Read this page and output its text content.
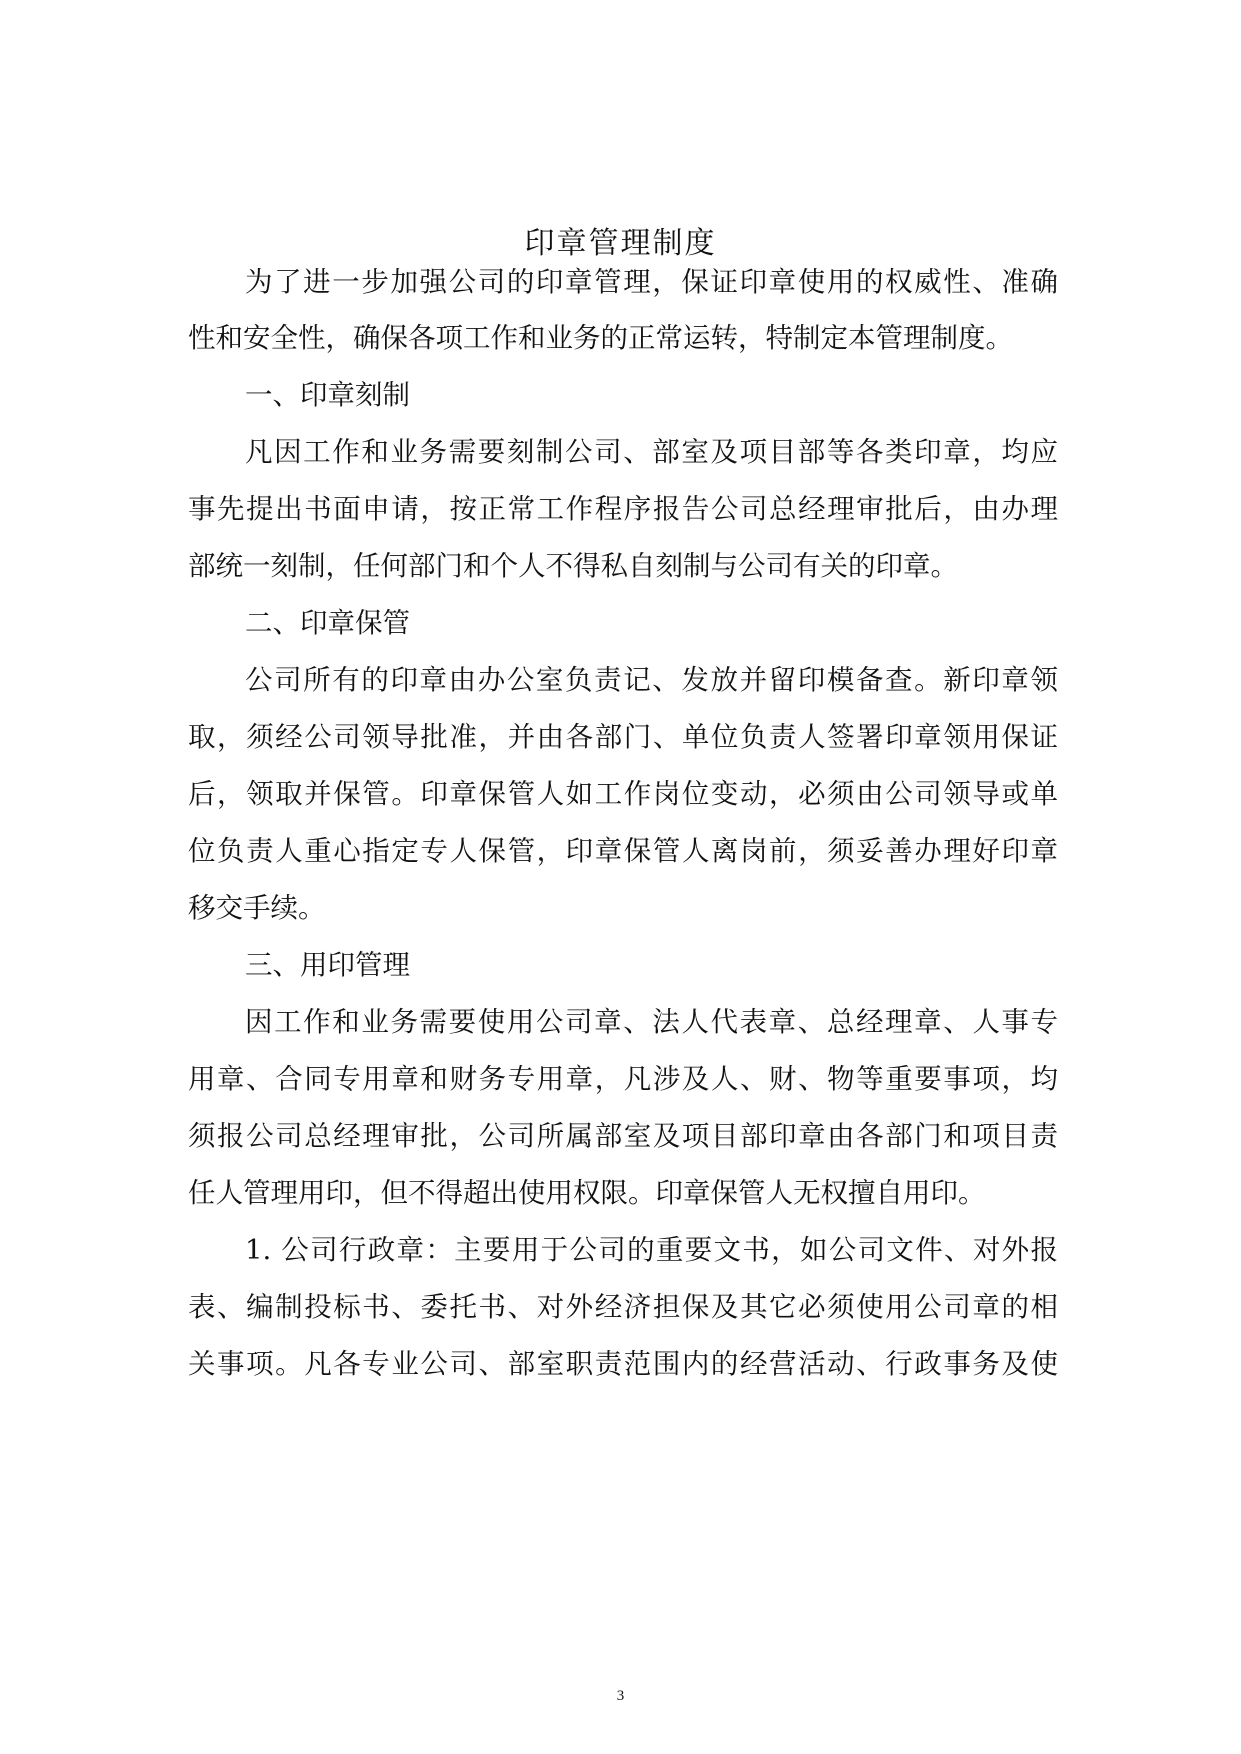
印章管理制度
为了进一步加强公司的印章管理，保证印章使用的权威性、准确
性和安全性，确保各项工作和业务的正常运转，特制定本管理制度。
一、印章刻制
凡因工作和业务需要刻制公司、部室及项目部等各类印章，均应
事先提出书面申请，按正常工作程序报告公司总经理审批后，由办理
部统一刻制，任何部门和个人不得私自刻制与公司有关的印章。
二、印章保管
公司所有的印章由办公室负责记、发放并留印模备查。新印章领
取，须经公司领导批准，并由各部门、单位负责人签署印章领用保证
后，领取并保管。印章保管人如工作岗位变动，必须由公司领导或单
位负责人重心指定专人保管，印章保管人离岗前，须妥善办理好印章
移交手续。
三、用印管理
因工作和业务需要使用公司章、法人代表章、总经理章、人事专
用章、合同专用章和财务专用章，凡涉及人、财、物等重要事项，均
须报公司总经理审批，公司所属部室及项目部印章由各部门和项目责
任人管理用印，但不得超出使用权限。印章保管人无权擅自用印。
1. 公司行政章：主要用于公司的重要文书，如公司文件、对外报
表、编制投标书、委托书、对外经济担保及其它必须使用公司章的相
关事项。凡各专业公司、部室职责范围内的经营活动、行政事务及使
3
